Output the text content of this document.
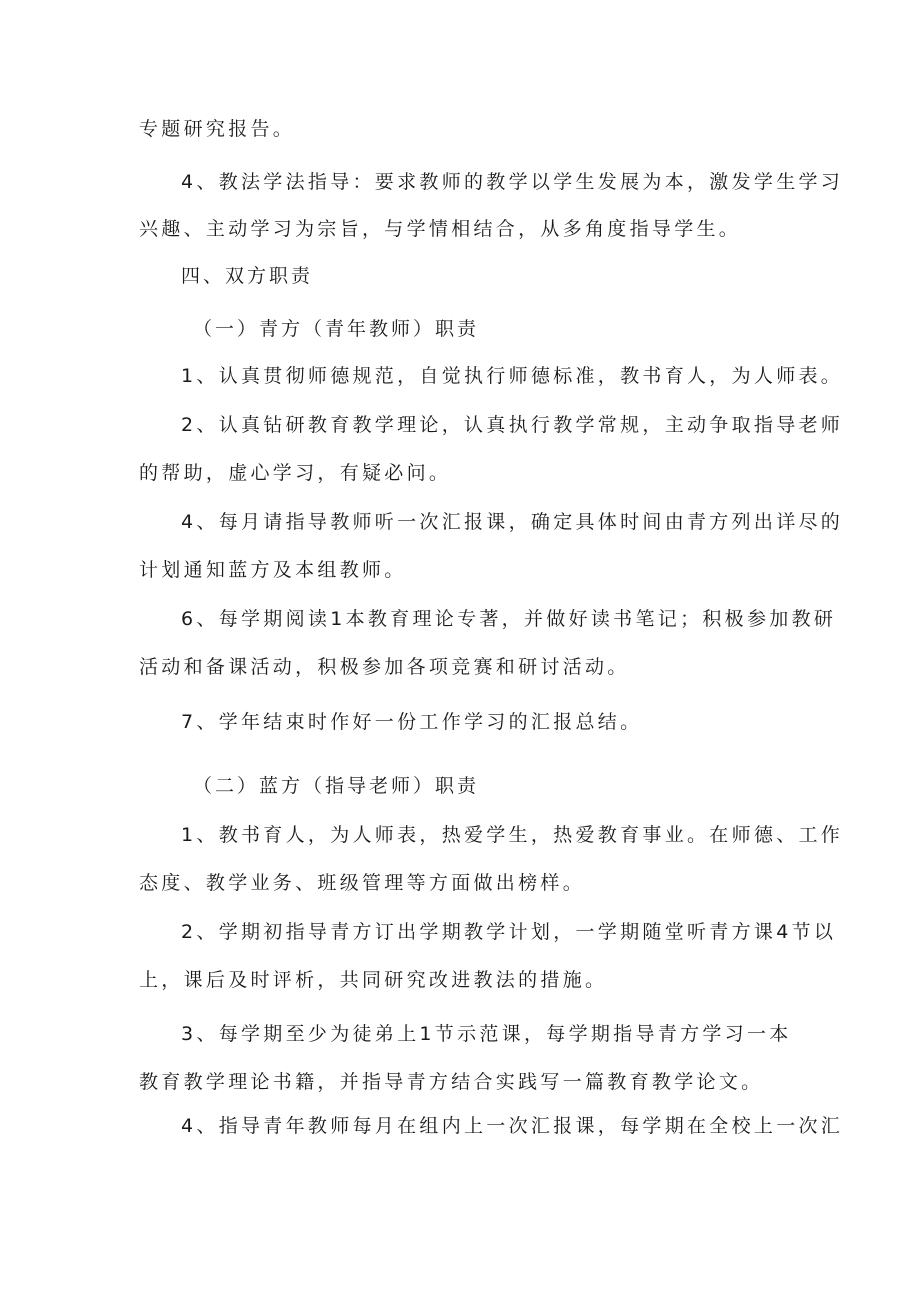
专题研究报告。
4、教法学法指导：要求教师的教学以学生发展为本，激发学生学习
兴趣、主动学习为宗旨，与学情相结合，从多角度指导学生。
四、双方职责
（一）青方（青年教师）职责
1、认真贯彻师德规范，自觉执行师德标准，教书育人，为人师表。
2、认真钻研教育教学理论，认真执行教学常规，主动争取指导老师
的帮助，虚心学习，有疑必问。
4、每月请指导教师听一次汇报课，确定具体时间由青方列出详尽的
计划通知蓝方及本组教师。
6、每学期阅读1本教育理论专著，并做好读书笔记；积极参加教研
活动和备课活动，积极参加各项竞赛和研讨活动。
7、学年结束时作好一份工作学习的汇报总结。
（二）蓝方（指导老师）职责
1、教书育人，为人师表，热爱学生，热爱教育事业。在师德、工作
态度、教学业务、班级管理等方面做出榜样。
2、学期初指导青方订出学期教学计划，一学期随堂听青方课4节以
上，课后及时评析，共同研究改进教法的措施。
3、每学期至少为徒弟上1节示范课，每学期指导青方学习一本
教育教学理论书籍，并指导青方结合实践写一篇教育教学论文。
4、指导青年教师每月在组内上一次汇报课，每学期在全校上一次汇
